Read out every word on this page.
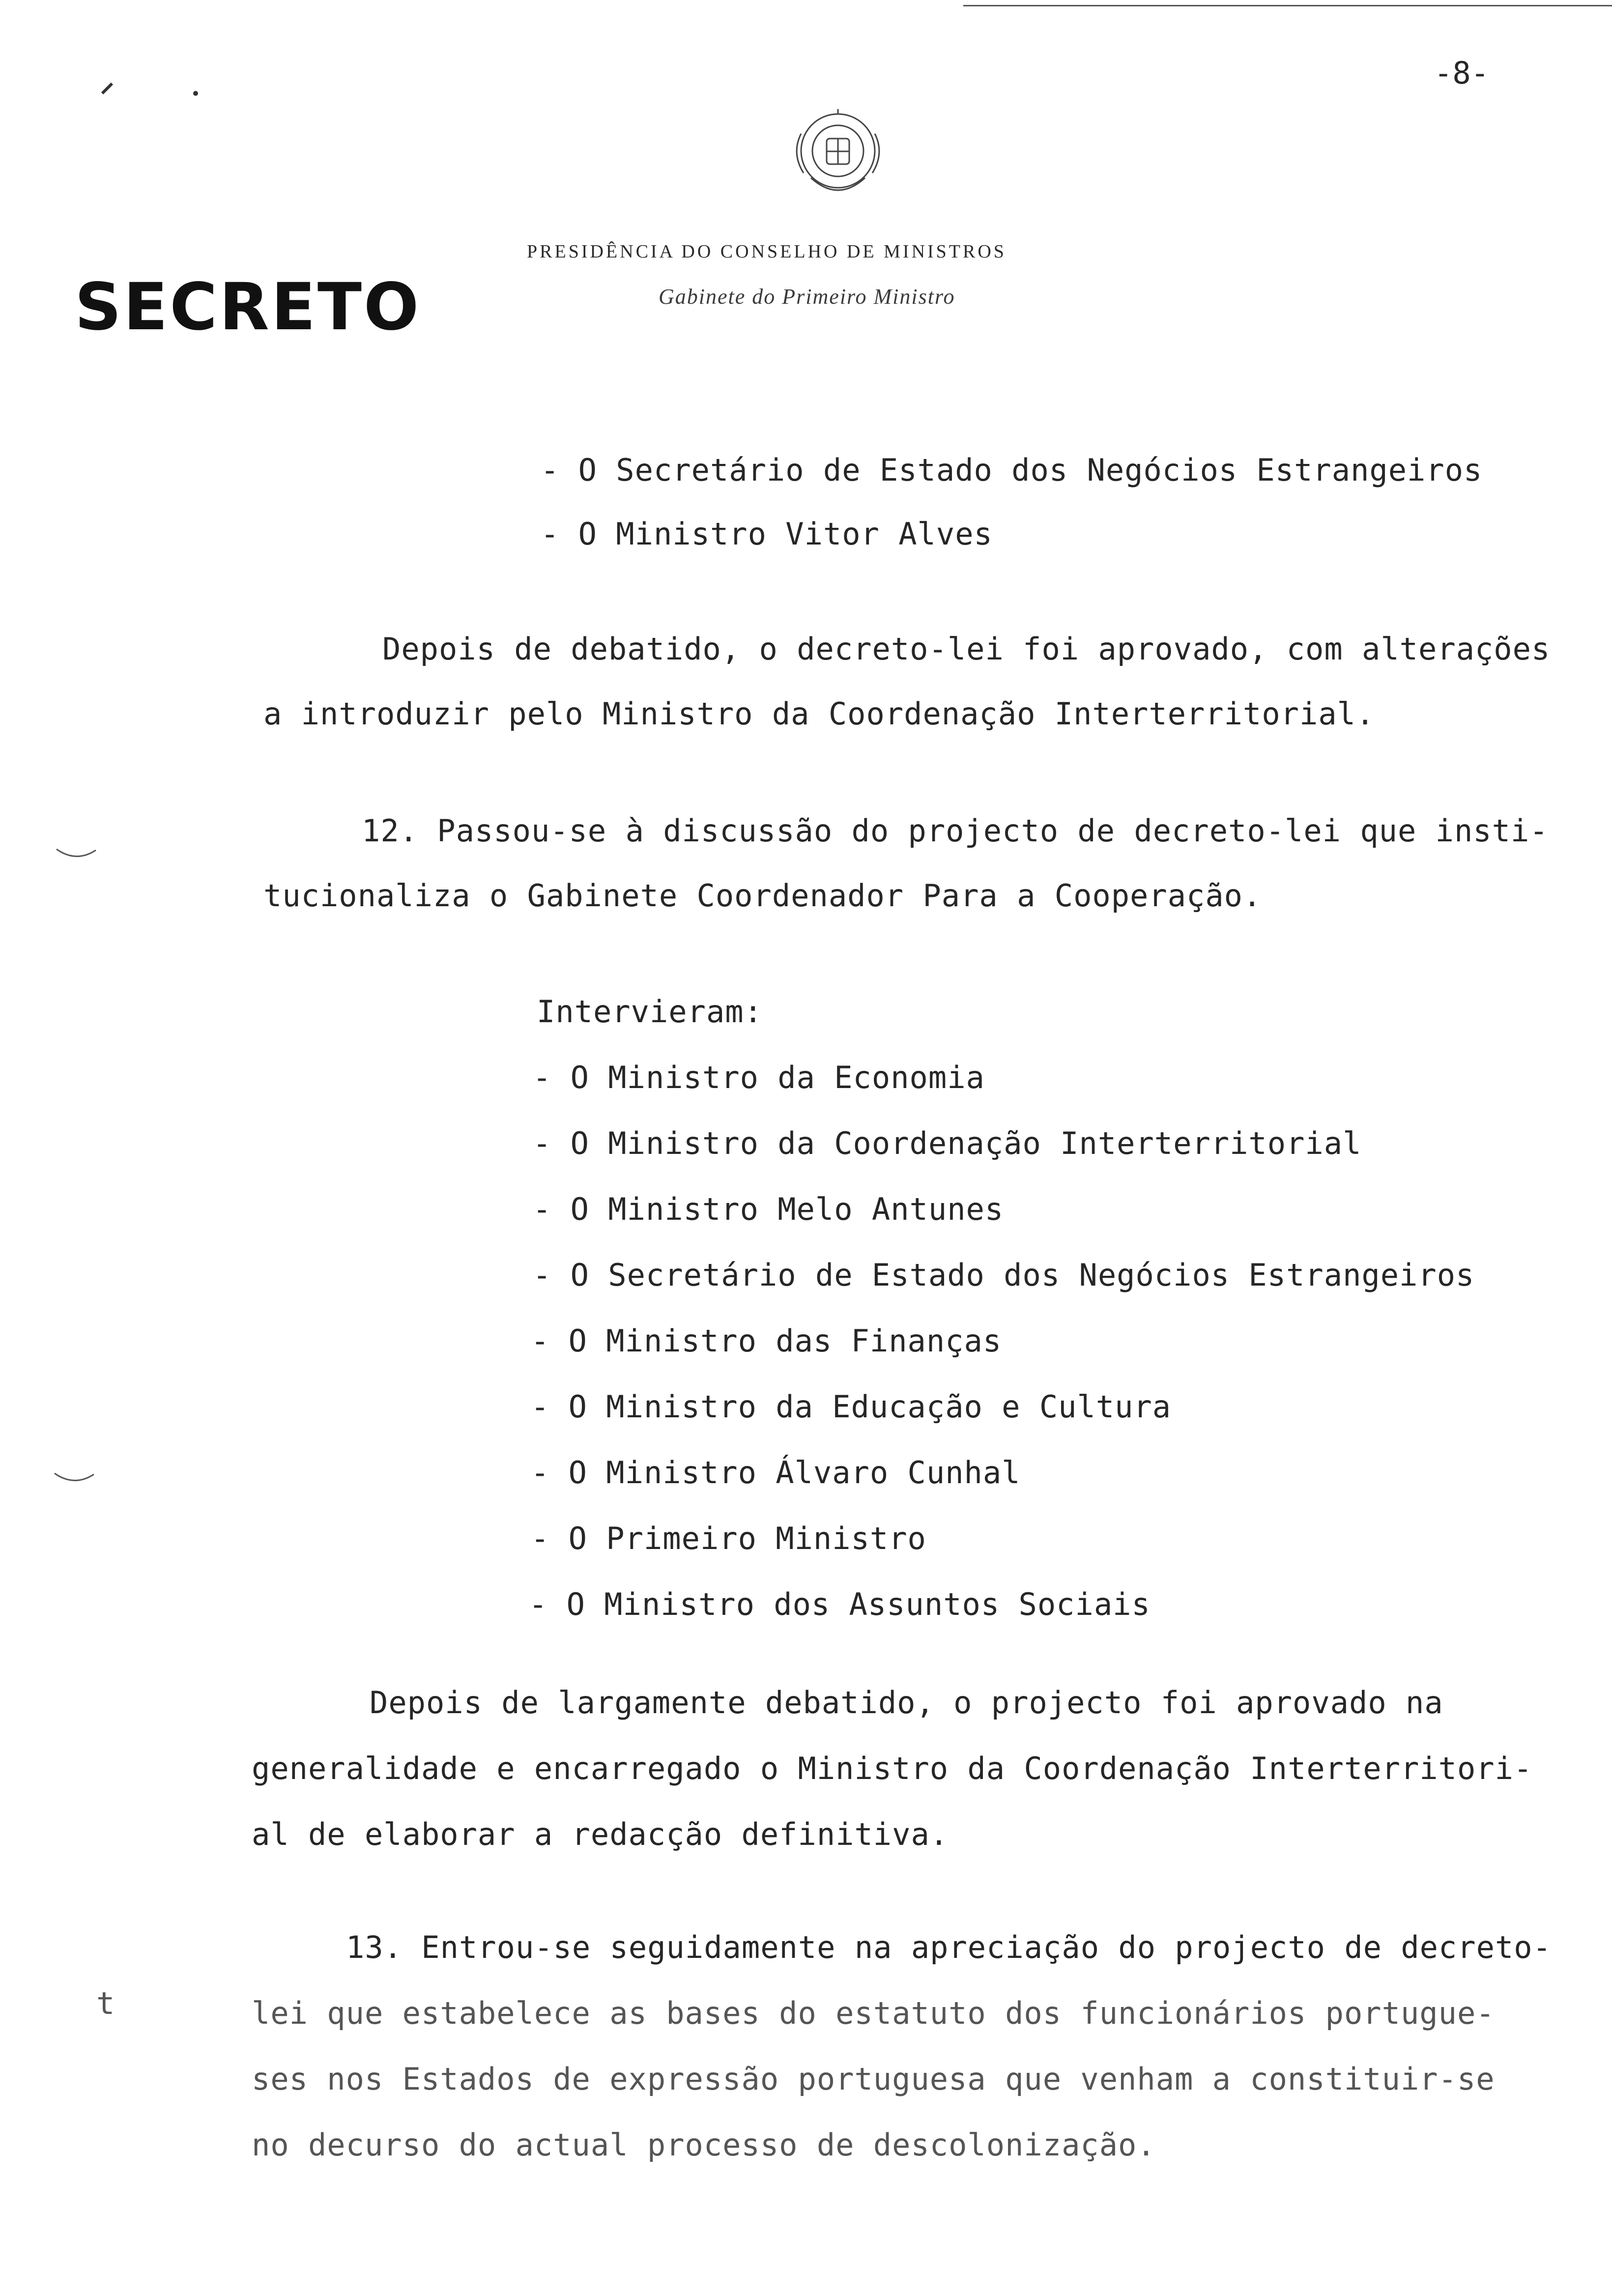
-8-
PRESIDÊNCIA DO CONSELHO DE MINISTROS
Gabinete do Primeiro Ministro
SECRETO
- O Secretário de Estado dos Negócios Estrangeiros
- O Ministro Vitor Alves
Depois de debatido, o decreto-lei foi aprovado, com alterações
a introduzir pelo Ministro da Coordenação Interterritorial.
12. Passou-se à discussão do projecto de decreto-lei que insti-
tucionaliza o Gabinete Coordenador Para a Cooperação.
Intervieram:
- O Ministro da Economia
- O Ministro da Coordenação Interterritorial
- O Ministro Melo Antunes
- O Secretário de Estado dos Negócios Estrangeiros
- O Ministro das Finanças
- O Ministro da Educação e Cultura
- O Ministro Álvaro Cunhal
- O Primeiro Ministro
- O Ministro dos Assuntos Sociais
Depois de largamente debatido, o projecto foi aprovado na
generalidade e encarregado o Ministro da Coordenação Interterritori-
al de elaborar a redacção definitiva.
13. Entrou-se seguidamente na apreciação do projecto de decreto-
lei que estabelece as bases do estatuto dos funcionários portugue-
ses nos Estados de expressão portuguesa que venham a constituir-se
no decurso do actual processo de descolonização.
t
